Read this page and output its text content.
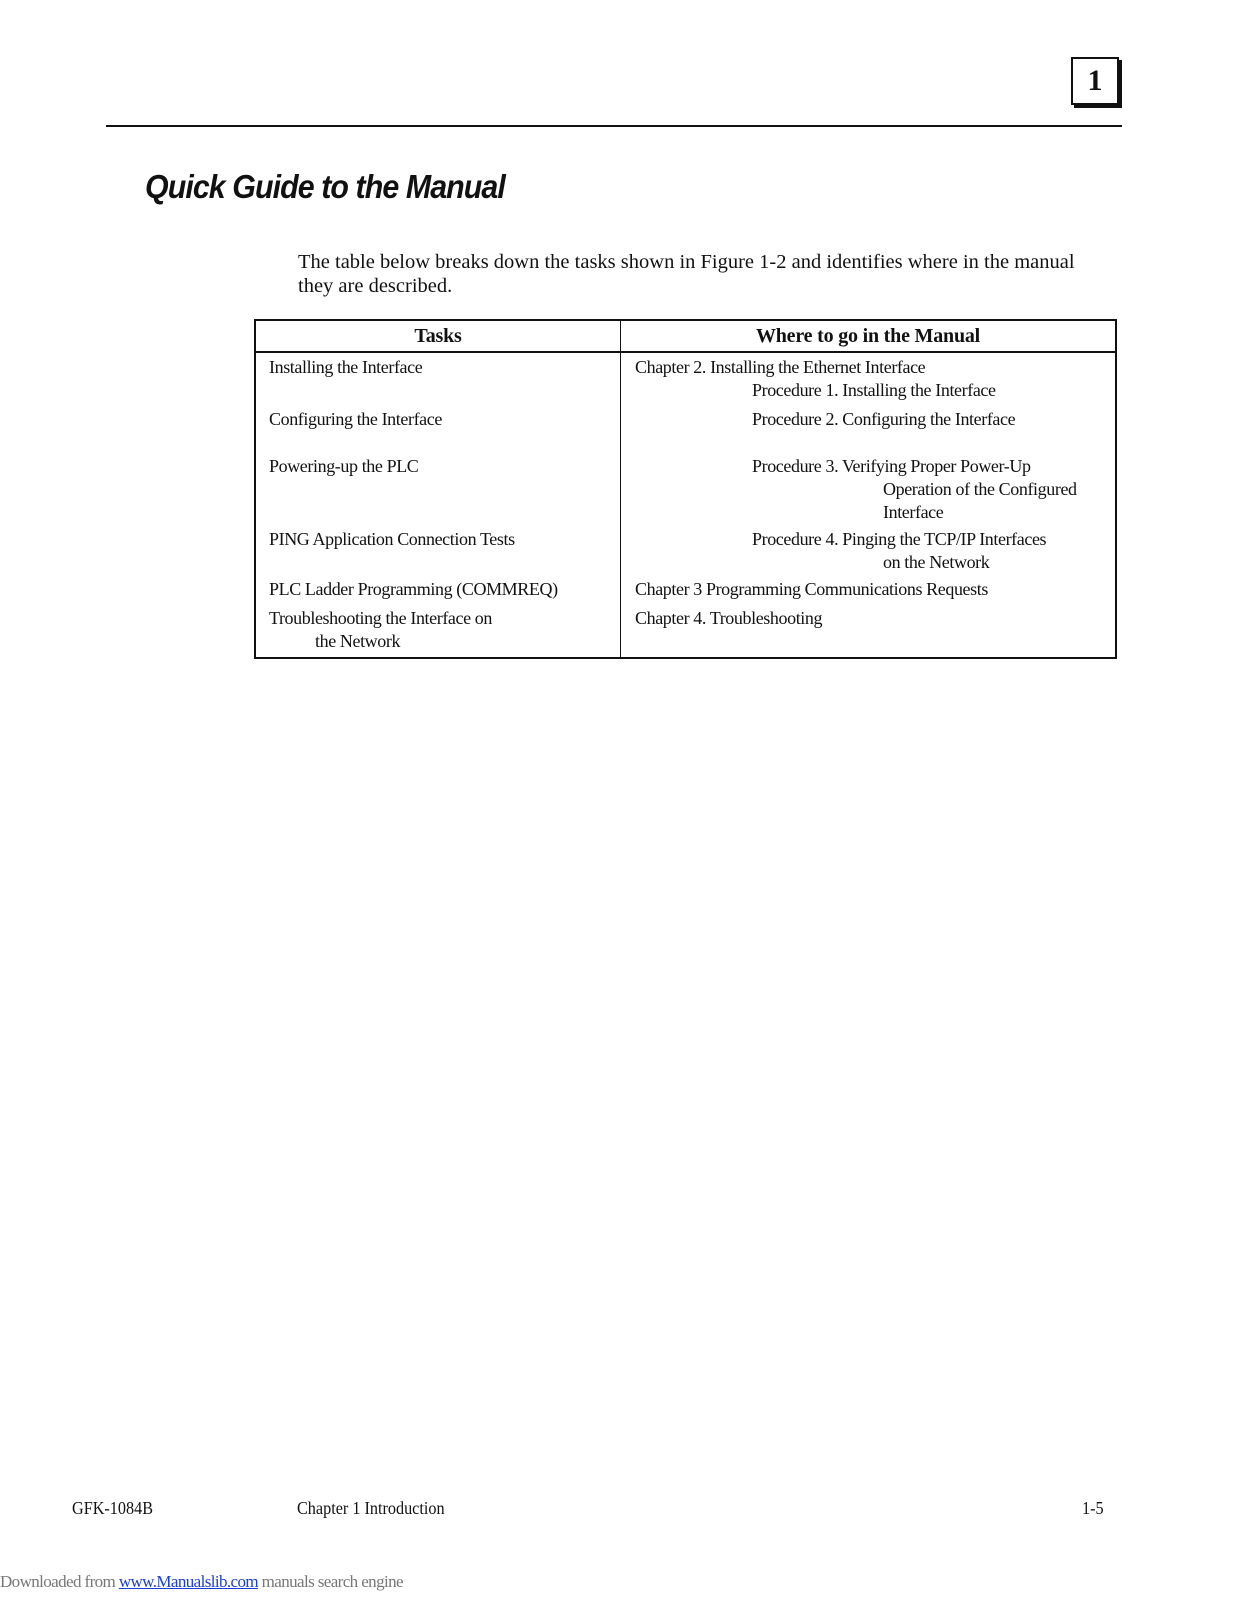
1
Quick Guide to the Manual

The table below breaks down the tasks shown in Figure 1-2 and identifies where in the manual they are described.

Tasks	Where to go in the Manual

Installing the Interface	Chapter 2. Installing the Ethernet Interface
Procedure 1. Installing the Interface

Configuring the Interface	Procedure 2. Configuring the Interface

Powering-up the PLC	Procedure 3. Verifying Proper Power-Up
Operation of the Configured
Interface

PING Application Connection Tests	Procedure 4. Pinging the TCP/IP Interfaces
on the Network

PLC Ladder Programming (COMMREQ)	Chapter 3 Programming Communications Requests

Troubleshooting the Interface on
the Network	Chapter 4. Troubleshooting
GFK-1084B	Chapter 1 Introduction	1-5
Downloaded from www.Manualslib.com manuals search engine
